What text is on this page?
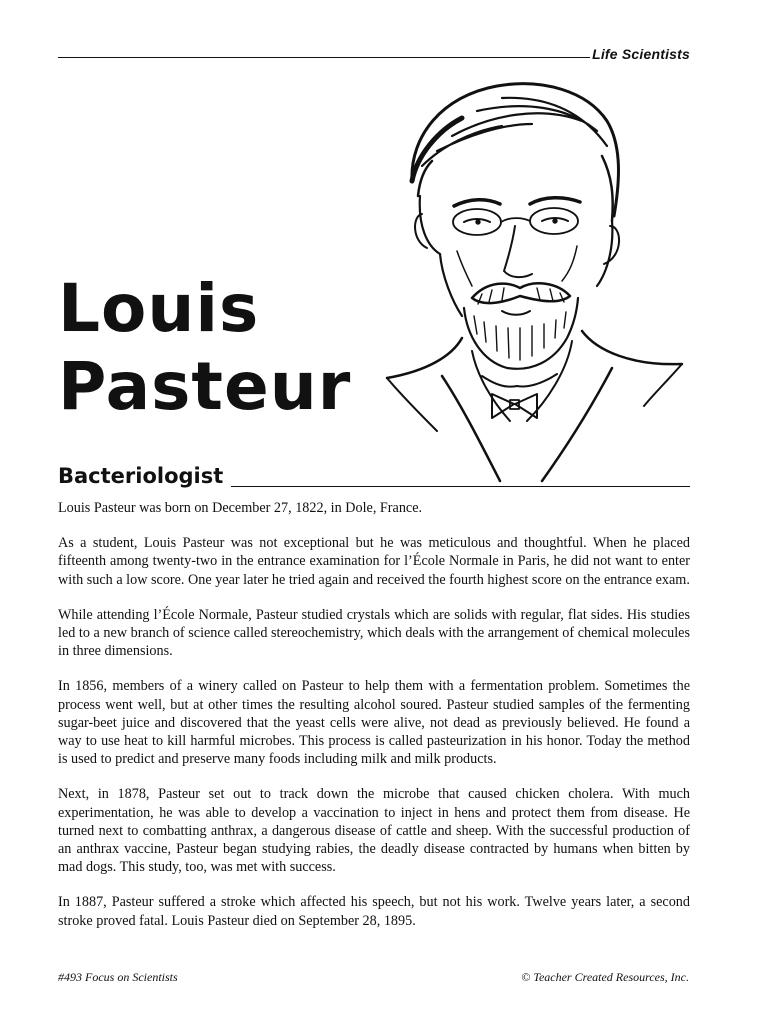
Life Scientists
Louis
Pasteur
Bacteriologist

Louis Pasteur was born on December 27, 1822, in Dole, France.

As a student, Louis Pasteur was not exceptional but he was meticulous and thoughtful. When he placed fifteenth among twenty-two in the entrance examination for l’École Normale in Paris, he did not want to enter with such a low score. One year later he tried again and received the fourth highest score on the entrance exam.

While attending l’École Normale, Pasteur studied crystals which are solids with regular, flat sides. His studies led to a new branch of science called stereochemistry, which deals with the arrangement of chemical molecules in three dimensions.

In 1856, members of a winery called on Pasteur to help them with a fermentation problem. Sometimes the process went well, but at other times the resulting alcohol soured. Pasteur studied samples of the fermenting sugar-beet juice and discovered that the yeast cells were alive, not dead as previously believed. He found a way to use heat to kill harmful microbes. This process is called pasteurization in his honor. Today the method is used to predict and preserve many foods including milk and milk products.

Next, in 1878, Pasteur set out to track down the microbe that caused chicken cholera. With much experimentation, he was able to develop a vaccination to inject in hens and protect them from disease. He turned next to combatting anthrax, a dangerous disease of cattle and sheep. With the successful production of an anthrax vaccine, Pasteur began studying rabies, the deadly disease contracted by humans when bitten by mad dogs. This study, too, was met with success.

In 1887, Pasteur suffered a stroke which affected his speech, but not his work. Twelve years later, a second stroke proved fatal. Louis Pasteur died on September 28, 1895.

#493 Focus on Scientists	© Teacher Created Resources, Inc.
